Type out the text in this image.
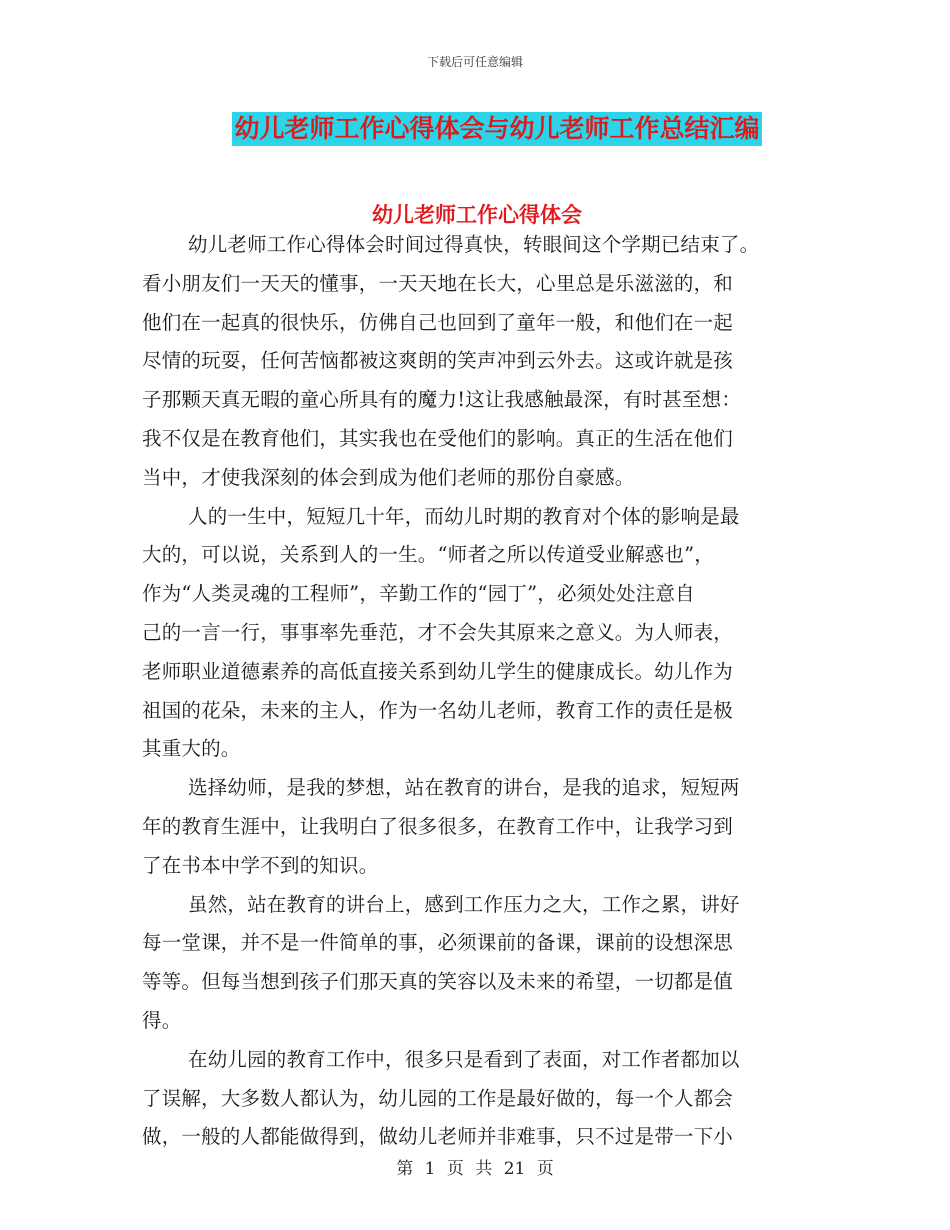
下载后可任意编辑
幼儿老师工作心得体会与幼儿老师工作总结汇编
幼儿老师工作心得体会
幼儿老师工作心得体会时间过得真快，转眼间这个学期已结束了。
看小朋友们一天天的懂事，一天天地在长大，心里总是乐滋滋的，和
他们在一起真的很快乐，仿佛自己也回到了童年一般，和他们在一起
尽情的玩耍，任何苦恼都被这爽朗的笑声冲到云外去。这或许就是孩
子那颗天真无暇的童心所具有的魔力!这让我感触最深，有时甚至想：
我不仅是在教育他们，其实我也在受他们的影响。真正的生活在他们
当中，才使我深刻的体会到成为他们老师的那份自豪感。
人的一生中，短短几十年，而幼儿时期的教育对个体的影响是最
大的，可以说，关系到人的一生。“师者之所以传道受业解惑也”，
作为“人类灵魂的工程师”，辛勤工作的“园丁”，必须处处注意自
己的一言一行，事事率先垂范，才不会失其原来之意义。为人师表，
老师职业道德素养的高低直接关系到幼儿学生的健康成长。幼儿作为
祖国的花朵，未来的主人，作为一名幼儿老师，教育工作的责任是极
其重大的。
选择幼师，是我的梦想，站在教育的讲台，是我的追求，短短两
年的教育生涯中，让我明白了很多很多，在教育工作中，让我学习到
了在书本中学不到的知识。
虽然，站在教育的讲台上，感到工作压力之大，工作之累，讲好
每一堂课，并不是一件简单的事，必须课前的备课，课前的设想深思
等等。但每当想到孩子们那天真的笑容以及未来的希望，一切都是值
得。
在幼儿园的教育工作中，很多只是看到了表面，对工作者都加以
了误解，大多数人都认为，幼儿园的工作是最好做的，每一个人都会
做，一般的人都能做得到，做幼儿老师并非难事，只不过是带一下小
第 1 页 共 21 页
